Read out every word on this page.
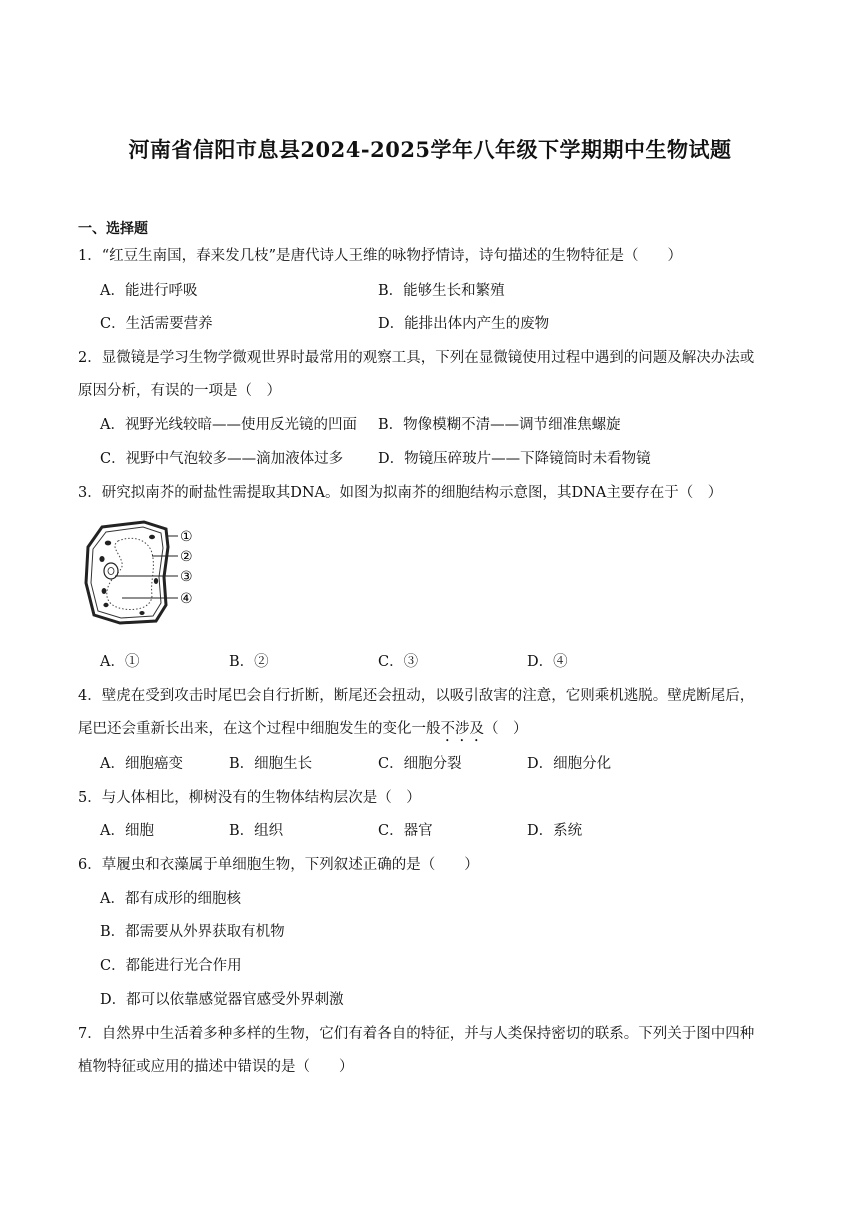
河南省信阳市息县2024-2025学年八年级下学期期中生物试题
一、选择题
1．“红豆生南国，春来发几枝”是唐代诗人王维的咏物抒情诗，诗句描述的生物特征是（　　）
A．能进行呼吸	B．能够生长和繁殖
C．生活需要营养	D．能排出体内产生的废物
2．显微镜是学习生物学微观世界时最常用的观察工具，下列在显微镜使用过程中遇到的问题及解决办法或
原因分析，有误的一项是（　）
A．视野光线较暗——使用反光镜的凹面 B．物像模糊不清——调节细准焦螺旋
C．视野中气泡较多——滴加液体过多 D．物镜压碎玻片——下降镜筒时未看物镜
3．研究拟南芥的耐盐性需提取其DNA。如图为拟南芥的细胞结构示意图，其DNA主要存在于（　）
①
②
③
④
A．①	B．②	C．③	D．④
4．壁虎在受到攻击时尾巴会自行折断，断尾还会扭动，以吸引敌害的注意，它则乘机逃脱。壁虎断尾后，
尾巴还会重新长出来，在这个过程中细胞发生的变化一般不涉及（　）
A．细胞癌变	B．细胞生长	C．细胞分裂	D．细胞分化
5．与人体相比，柳树没有的生物体结构层次是（　）
A．细胞	B．组织	C．器官	D．系统
6．草履虫和衣藻属于单细胞生物，下列叙述正确的是（　　）
A．都有成形的细胞核
B．都需要从外界获取有机物
C．都能进行光合作用
D．都可以依靠感觉器官感受外界刺激
7．自然界中生活着多种多样的生物，它们有着各自的特征，并与人类保持密切的联系。下列关于图中四种
植物特征或应用的描述中错误的是（　　）
